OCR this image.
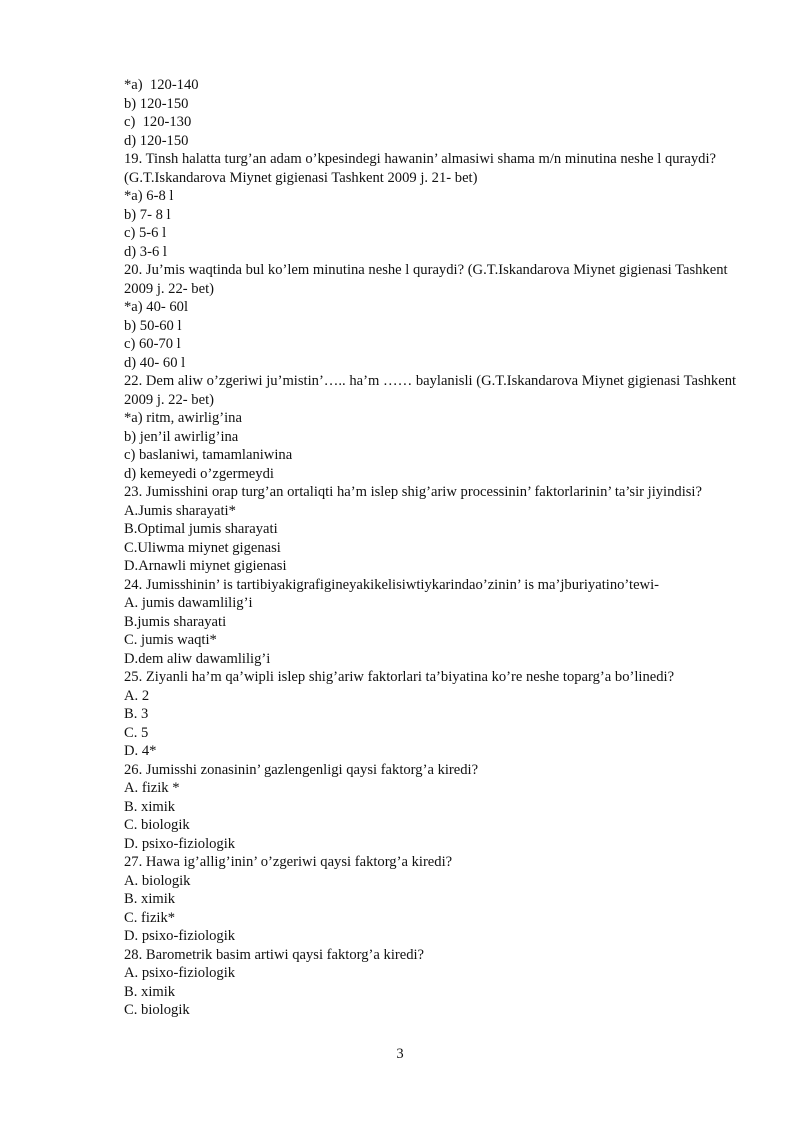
*a)  120-140
b) 120-150
c)  120-130
d) 120-150
19. Tinsh halatta turg’an adam o’kpesindegi hawanin’ almasiwi shama m/n minutina neshe l quraydi? (G.T.Iskandarova Miynet gigienasi Tashkent 2009 j. 21- bet)
*a) 6-8 l
b) 7- 8 l
c) 5-6 l
d) 3-6 l
20. Ju’mis waqtinda bul ko’lem minutina neshe l quraydi? (G.T.Iskandarova Miynet gigienasi Tashkent 2009 j. 22- bet)
*a) 40- 60l
b) 50-60 l
c) 60-70 l
d) 40- 60 l
22. Dem aliw o’zgeriwi ju’mistin’….. ha’m …… baylanisli (G.T.Iskandarova Miynet gigienasi Tashkent 2009 j. 22- bet)
*a) ritm, awirlig’ina
b) jen’il awirlig’ina
c) baslaniwi, tamamlaniwina
d) kemeyedi o’zgermeydi
23. Jumisshini orap turg’an ortaliqti ha’m islep shig’ariw processinin’ faktorlarinin’ ta’sir jiyindisi?
A.Jumis sharayati*
B.Optimal jumis sharayati
C.Uliwma miynet gigenasi
D.Arnawli miynet gigienasi
24. Jumisshinin’ is tartibiyakigrafigineyakikelisiwtiykarindao’zinin’ is ma’jburiyatino’tewi-
A. jumis dawamlilig’i
B.jumis sharayati
C. jumis waqti*
D.dem aliw dawamlilig’i
25. Ziyanli ha’m qa’wipli islep shig’ariw faktorlari ta’biyatina ko’re neshe toparg’a bo’linedi?
A. 2
B. 3
C. 5
D. 4*
26. Jumisshi zonasinin’ gazlengenligi qaysi faktorg’a kiredi?
A. fizik *
B. ximik
C. biologik
D. psixo-fiziologik
27. Hawa ig’allig’inin’ o’zgeriwi qaysi faktorg’a kiredi?
A. biologik
B. ximik
C. fizik*
D. psixo-fiziologik
28. Barometrik basim artiwi qaysi faktorg’a kiredi?
A. psixo-fiziologik
B. ximik
C. biologik
3
